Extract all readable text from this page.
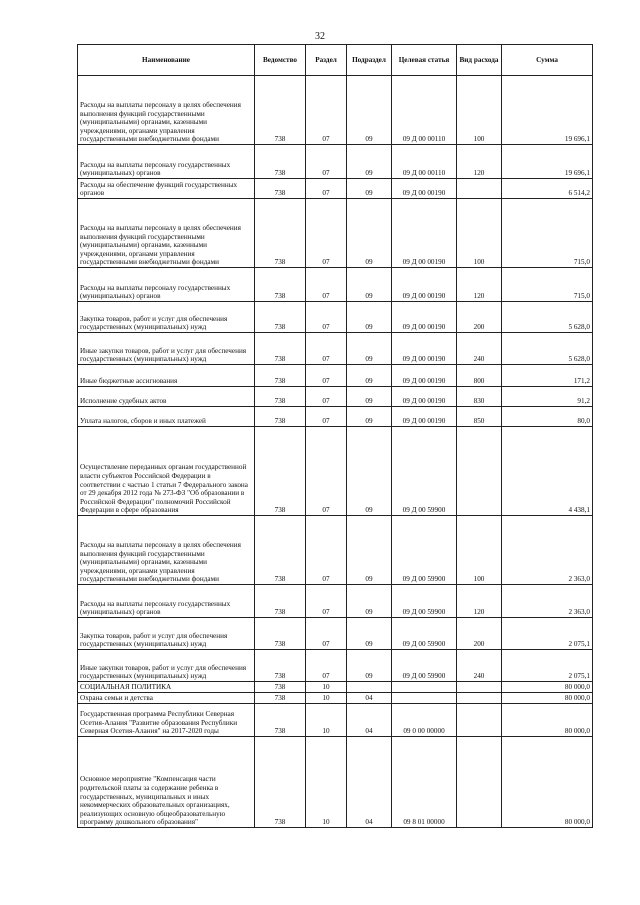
32
Наименование	Ведомство	Раздел	Подраздел	Целевая статья	Вид расхода	Сумма
Расходы на выплаты персоналу в целях обеспечения выполнения функций государственными (муниципальными) органами, казенными учреждениями, органами управления государственными внебюджетными фондами	738	07	09	09 Д 00 00110	100	19 696,1
Расходы на выплаты персоналу государственных (муниципальных) органов	738	07	09	09 Д 00 00110	120	19 696,1
Расходы на обеспечение функций государственных органов	738	07	09	09 Д 00 00190		6 514,2
Расходы на выплаты персоналу в целях обеспечения выполнения функций государственными (муниципальными) органами, казенными учреждениями, органами управления государственными внебюджетными фондами	738	07	09	09 Д 00 00190	100	715,0
Расходы на выплаты персоналу государственных (муниципальных) органов	738	07	09	09 Д 00 00190	120	715,0
Закупка товаров, работ и услуг для обеспечения государственных (муниципальных) нужд	738	07	09	09 Д 00 00190	200	5 628,0
Иные закупки товаров, работ и услуг для обеспечения государственных (муниципальных) нужд	738	07	09	09 Д 00 00190	240	5 628,0
Иные бюджетные ассигнования	738	07	09	09 Д 00 00190	800	171,2
Исполнение судебных актов	738	07	09	09 Д 00 00190	830	91,2
Уплата налогов, сборов и иных платежей	738	07	09	09 Д 00 00190	850	80,0
Осуществление переданных органам государственной власти субъектов Российской Федерации в соответствии с частью 1 статьи 7 Федерального закона от 29 декабря 2012 года № 273-ФЗ "Об образовании в Российской Федерации" полномочий Российской Федерации в сфере образования	738	07	09	09 Д 00 59900		4 438,1
Расходы на выплаты персоналу в целях обеспечения выполнения функций государственными (муниципальными) органами, казенными учреждениями, органами управления государственными внебюджетными фондами	738	07	09	09 Д 00 59900	100	2 363,0
Расходы на выплаты персоналу государственных (муниципальных) органов	738	07	09	09 Д 00 59900	120	2 363,0
Закупка товаров, работ и услуг для обеспечения государственных (муниципальных) нужд	738	07	09	09 Д 00 59900	200	2 075,1
Иные закупки товаров, работ и услуг для обеспечения государственных (муниципальных) нужд	738	07	09	09 Д 00 59900	240	2 075,1
СОЦИАЛЬНАЯ ПОЛИТИКА	738	10				80 000,0
Охрана семьи и детства	738	10	04			80 000,0
Государственная программа Республики Северная Осетия-Алания "Развитие образования Республики Северная Осетия-Алания" на 2017-2020 годы	738	10	04	09 0 00 00000		80 000,0
Основное мероприятие "Компенсация части родительской платы за содержание ребенка в государственных, муниципальных и иных некоммерческих образовательных организациях, реализующих основную общеобразовательную программу дошкольного образования"	738	10	04	09 8 01 00000		80 000,0
